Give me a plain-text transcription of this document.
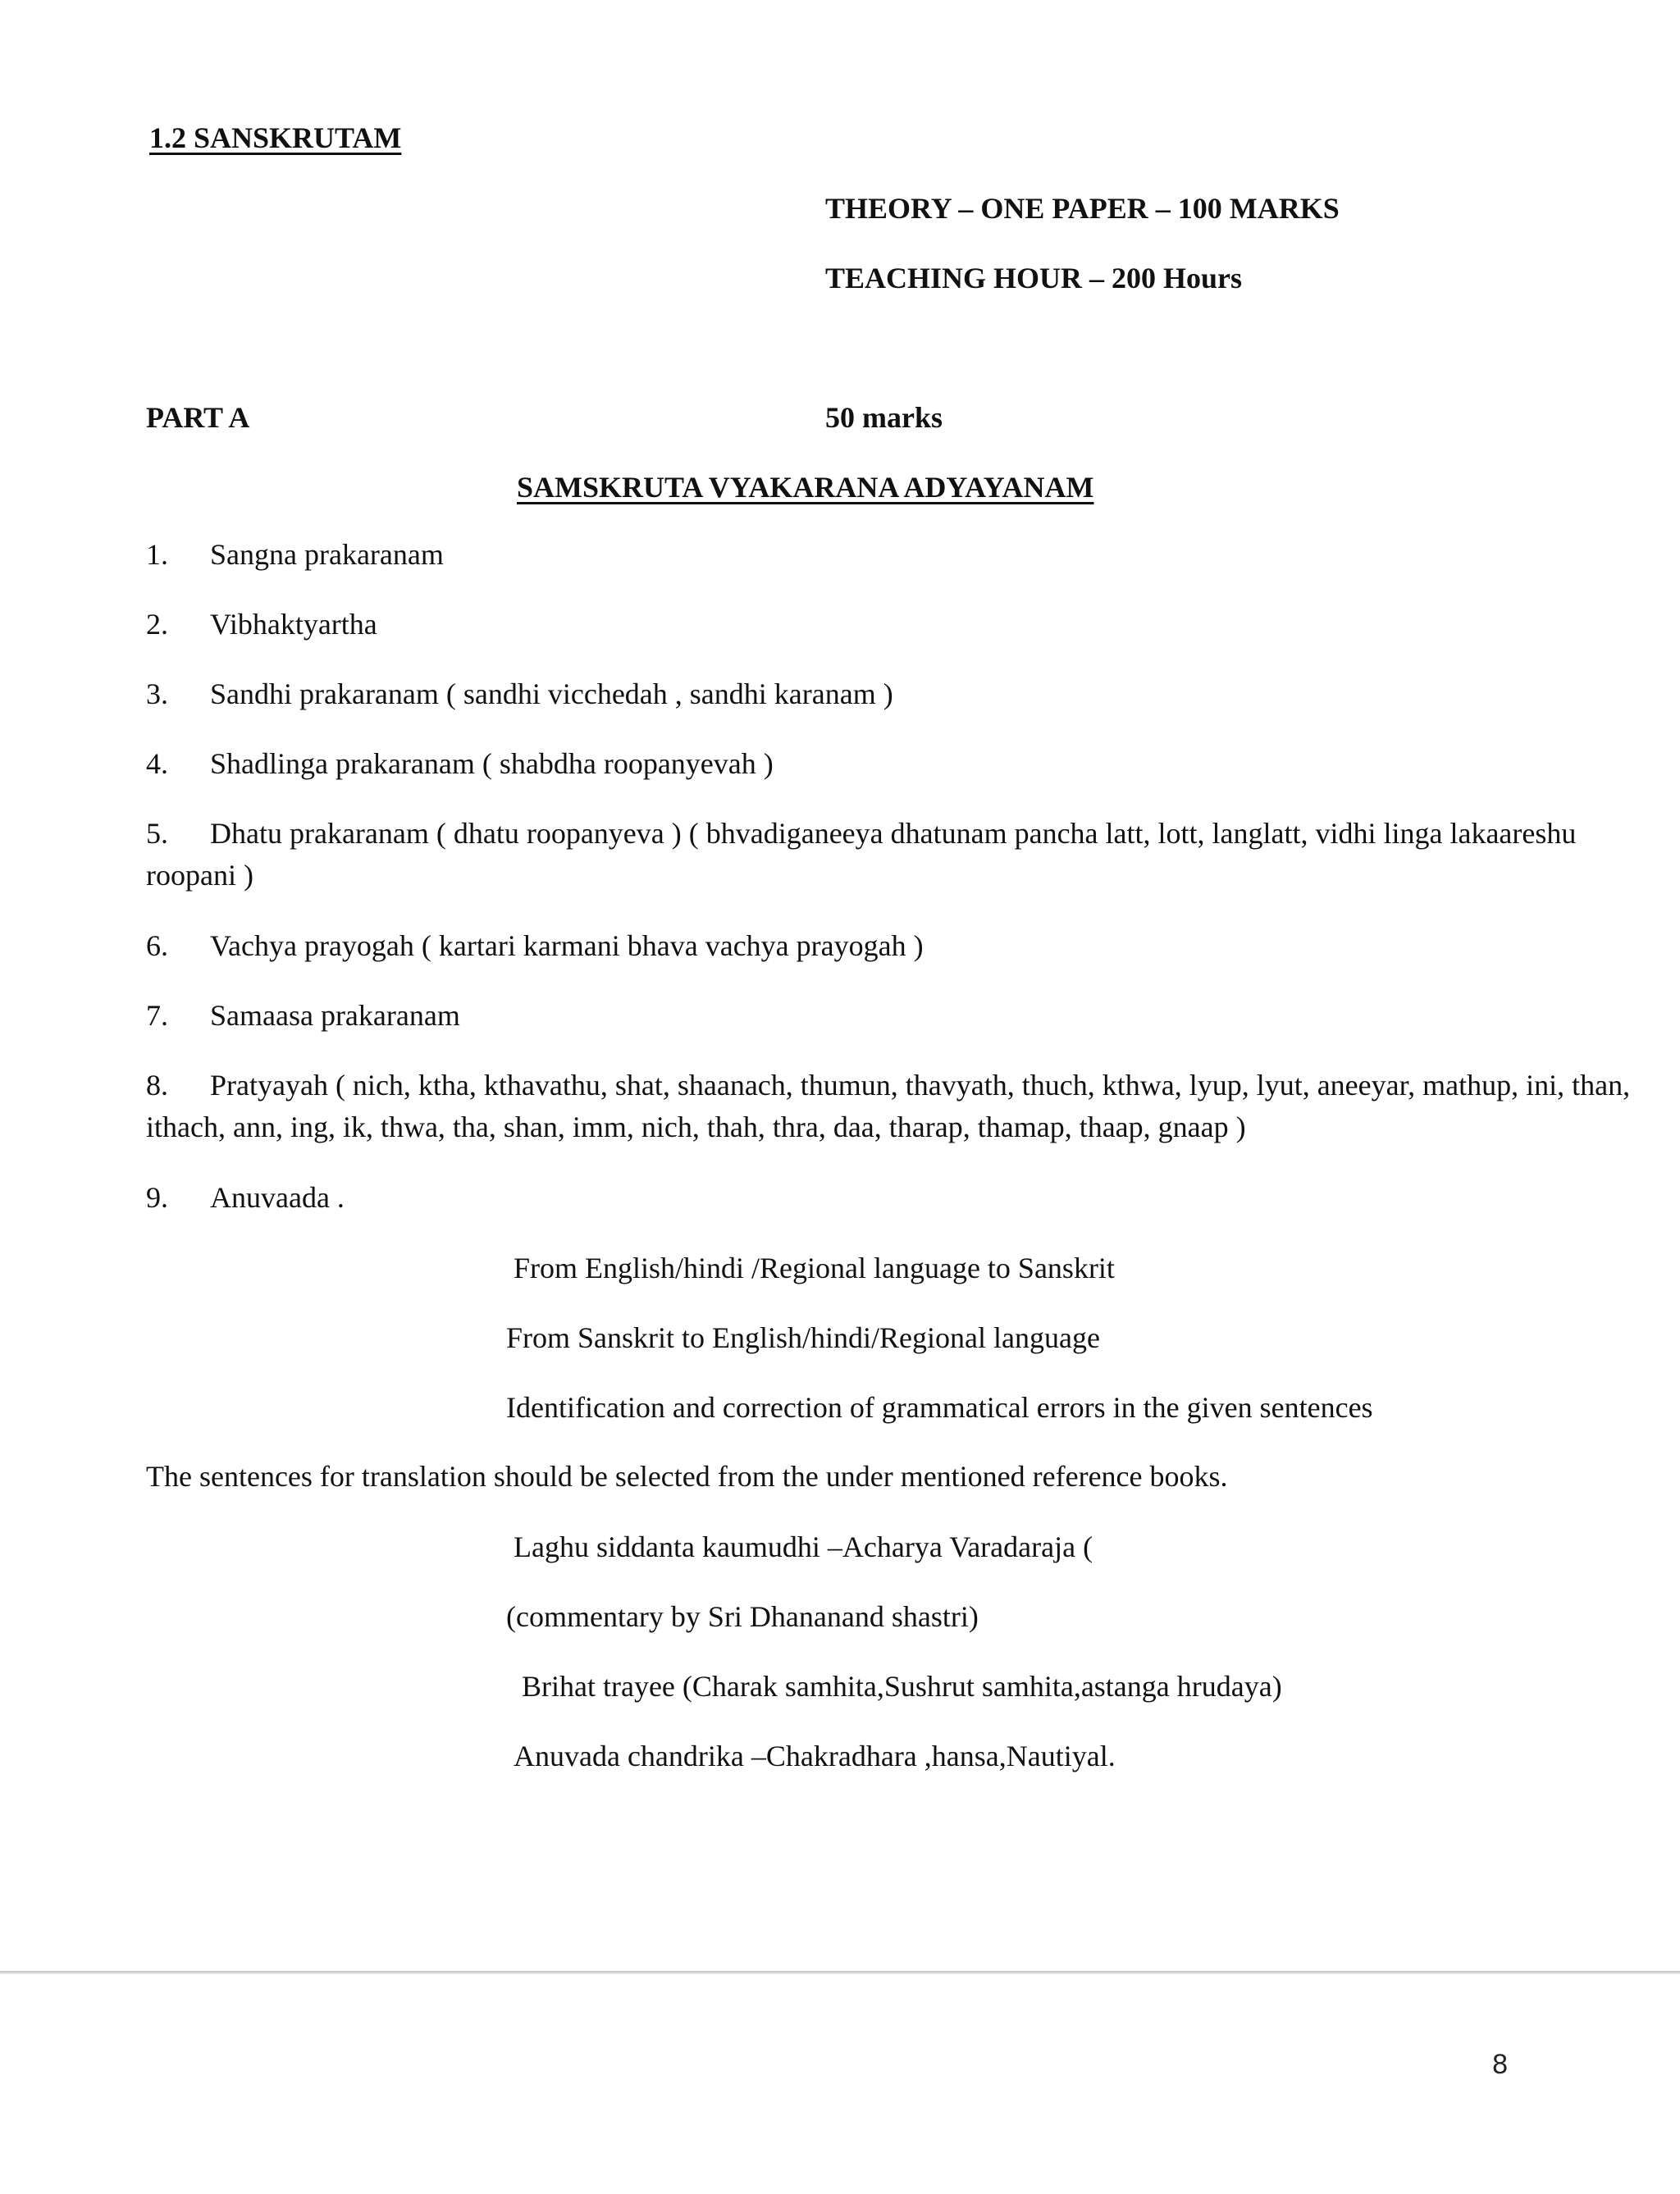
1.2 SANSKRUTAM
THEORY – ONE PAPER – 100 MARKS
TEACHING HOUR – 200 Hours
PART A	50 marks
SAMSKRUTA VYAKARANA ADYAYANAM
1. Sangna prakaranam
2. Vibhaktyartha
3. Sandhi prakaranam ( sandhi vicchedah , sandhi karanam )
4. Shadlinga prakaranam ( shabdha roopanyevah )
5. Dhatu prakaranam ( dhatu roopanyeva ) ( bhvadiganeeya dhatunam pancha latt, lott, langlatt, vidhi linga lakaareshu roopani )
6. Vachya prayogah ( kartari karmani bhava vachya prayogah )
7. Samaasa prakaranam
8. Pratyayah ( nich, ktha, kthavathu, shat, shaanach, thumun, thavyath, thuch, kthwa, lyup, lyut, aneeyar, mathup, ini, than, ithach, ann, ing, ik, thwa, tha, shan, imm, nich, thah, thra, daa, tharap, thamap, thaap, gnaap )
9. Anuvaada .
From English/hindi /Regional language to Sanskrit
From Sanskrit to English/hindi/Regional language
Identification and correction of grammatical errors in the given sentences
The sentences for translation should be selected from the under mentioned reference books.
Laghu siddanta kaumudhi –Acharya Varadaraja (
(commentary by Sri Dhananand shastri)
Brihat trayee (Charak samhita,Sushrut samhita,astanga hrudaya)
Anuvada chandrika –Chakradhara ,hansa,Nautiyal.
8
